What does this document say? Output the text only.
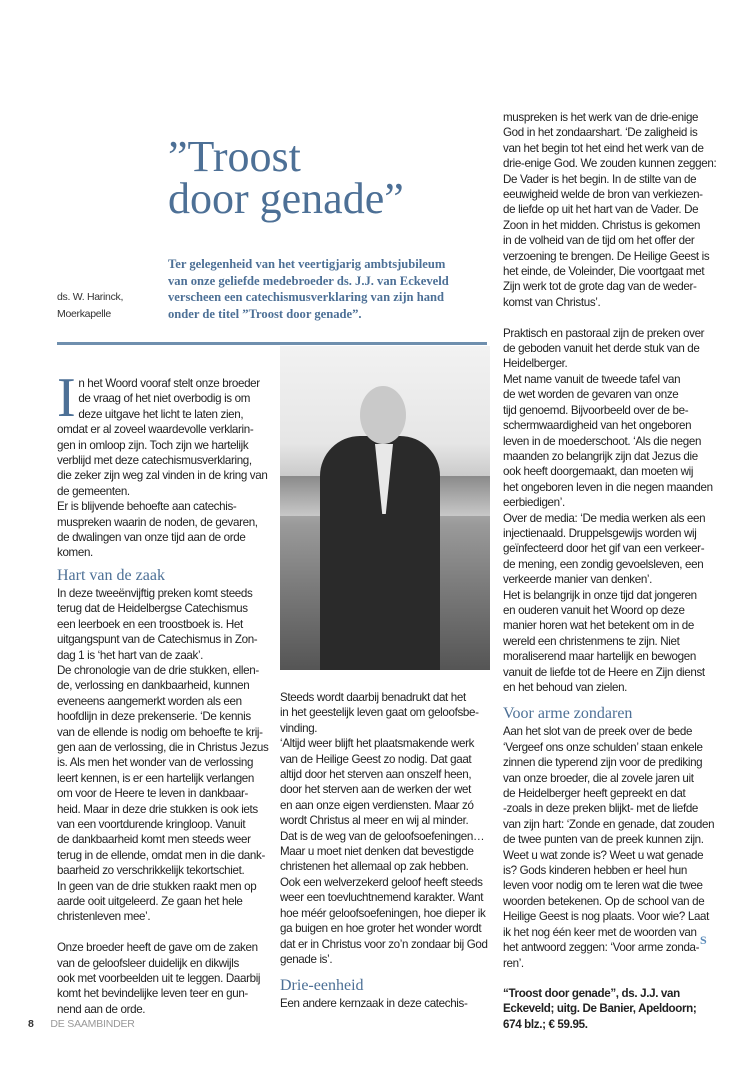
”Troost
door genade”
ds. W. Harinck,
Moerkapelle
Ter gelegenheid van het veertigjarig ambtsjubileum
van onze geliefde medebroeder ds. J.J. van Eckeveld
verscheen een catechismusverklaring van zijn hand
onder de titel ”Troost door genade”.
I n het Woord vooraf stelt onze broeder
de vraag of het niet overbodig is om
deze uitgave het licht te laten zien,

omdat er al zoveel waardevolle verklarin-
gen in omloop zijn. Toch zijn we hartelijk
verblijd met deze catechismusverklaring,
die zeker zijn weg zal vinden in de kring van
de gemeenten.
Er is blijvende behoefte aan catechis-
muspreken waarin de noden, de gevaren,
de dwalingen van onze tijd aan de orde
komen.

Hart van de zaak

In deze tweeënvijftig preken komt steeds
terug dat de Heidelbergse Catechismus
een leerboek en een troostboek is. Het
uitgangspunt van de Catechismus in Zon-
dag 1 is ‘het hart van de zaak’.
De chronologie van de drie stukken, ellen-
de, verlossing en dankbaarheid, kunnen
eveneens aangemerkt worden als een
hoofdlijn in deze prekenserie. ‘De kennis
van de ellende is nodig om behoefte te krij-
gen aan de verlossing, die in Christus Jezus
is. Als men het wonder van de verlossing
leert kennen, is er een hartelijk verlangen
om voor de Heere te leven in dankbaar-
heid. Maar in deze drie stukken is ook iets
van een voortdurende kringloop. Vanuit
de dankbaarheid komt men steeds weer
terug in de ellende, omdat men in die dank-
baarheid zo verschrikkelijk tekortschiet.
In geen van de drie stukken raakt men op
aarde ooit uitgeleerd. Ze gaan het hele
christenleven mee’.

Onze broeder heeft de gave om de zaken
van de geloofsleer duidelijk en dikwijls
ook met voorbeelden uit te leggen. Daarbij
komt het bevindelijke leven teer en gun-
nend aan de orde.

Steeds wordt daarbij benadrukt dat het
in het geestelijk leven gaat om geloofsbe-
vinding.
‘Altijd weer blijft het plaatsmakende werk
van de Heilige Geest zo nodig. Dat gaat
altijd door het sterven aan onszelf heen,
door het sterven aan de werken der wet
en aan onze eigen verdiensten. Maar zó
wordt Christus al meer en wij al minder.
Dat is de weg van de geloofsoefeningen…
Maar u moet niet denken dat bevestigde
christenen het allemaal op zak hebben.
Ook een welverzekerd geloof heeft steeds
weer een toevluchtnemend karakter. Want
hoe méér geloofsoefeningen, hoe dieper ik
ga buigen en hoe groter het wonder wordt
dat er in Christus voor zo’n zondaar bij God
genade is’.

Drie-eenheid

Een andere kernzaak in deze catechis-

muspreken is het werk van de drie-enige
God in het zondaarshart. ‘De zaligheid is
van het begin tot het eind het werk van de
drie-enige God. We zouden kunnen zeggen:
De Vader is het begin. In de stilte van de
eeuwigheid welde de bron van verkiezen-
de liefde op uit het hart van de Vader. De
Zoon in het midden. Christus is gekomen
in de volheid van de tijd om het offer der
verzoening te brengen. De Heilige Geest is
het einde, de Voleinder, Die voortgaat met
Zijn werk tot de grote dag van de weder-
komst van Christus’.

Praktisch en pastoraal zijn de preken over
de geboden vanuit het derde stuk van de
Heidelberger.
Met name vanuit de tweede tafel van
de wet worden de gevaren van onze
tijd genoemd. Bijvoorbeeld over de be-
schermwaardigheid van het ongeboren
leven in de moederschoot. ‘Als die negen
maanden zo belangrijk zijn dat Jezus die
ook heeft doorgemaakt, dan moeten wij
het ongeboren leven in die negen maanden
eerbiedigen’.
Over de media: ‘De media werken als een
injectienaald. Druppelsgewijs worden wij
geïnfecteerd door het gif van een verkeer-
de mening, een zondig gevoelsleven, een
verkeerde manier van denken’.
Het is belangrijk in onze tijd dat jongeren
en ouderen vanuit het Woord op deze
manier horen wat het betekent om in de
wereld een christenmens te zijn. Niet
moraliserend maar hartelijk en bewogen
vanuit de liefde tot de Heere en Zijn dienst
en het behoud van zielen.

Voor arme zondaren

Aan het slot van de preek over de bede
‘Vergeef ons onze schulden’ staan enkele
zinnen die typerend zijn voor de prediking
van onze broeder, die al zovele jaren uit
de Heidelberger heeft gepreekt en dat
-zoals in deze preken blijkt- met de liefde
van zijn hart: ‘Zonde en genade, dat zouden
de twee punten van de preek kunnen zijn.
Weet u wat zonde is? Weet u wat genade
is? Gods kinderen hebben er heel hun
leven voor nodig om te leren wat die twee
woorden betekenen. Op de school van de
Heilige Geest is nog plaats. Voor wie? Laat
ik het nog één keer met de woorden van
het antwoord zeggen: ‘Voor arme zonda-
ren’.

“Troost door genade”, ds. J.J. van
Eckeveld; uitg. De Banier, Apeldoorn;
674 blz.; € 59.95.

S
8 DE SAAMBINDER
